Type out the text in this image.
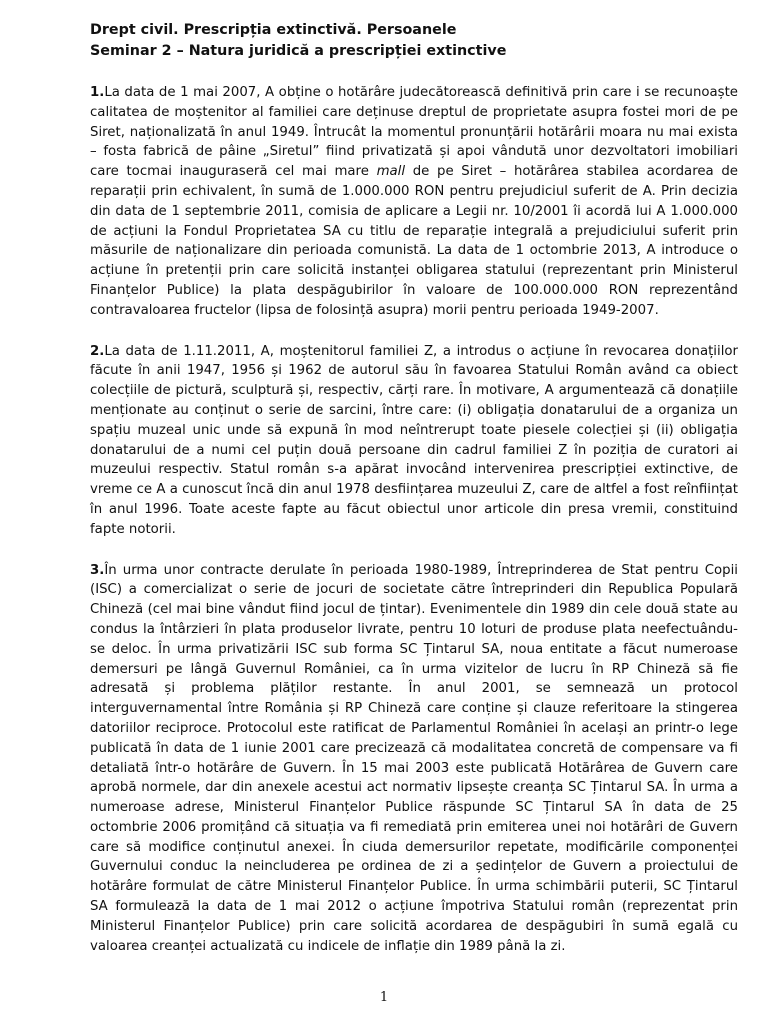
Drept civil. Prescripția extinctivă. Persoanele

Seminar 2 – Natura juridică a prescripției extinctive

1.La data de 1 mai 2007, A obține o hotărâre judecătorească definitivă prin care i se recunoaște calitatea de moștenitor al familiei care deținuse dreptul de proprietate asupra fostei mori de pe Siret, naționalizată în anul 1949. Întrucât la momentul pronunțării hotărârii moara nu mai exista – fosta fabrică de pâine „Siretul” fiind privatizată și apoi vândută unor dezvoltatori imobiliari care tocmai inauguraseră cel mai mare mall de pe Siret – hotărârea stabilea acordarea de reparații prin echivalent, în sumă de 1.000.000 RON pentru prejudiciul suferit de A. Prin decizia din data de 1 septembrie 2011, comisia de aplicare a Legii nr. 10/2001 îi acordă lui A 1.000.000 de acțiuni la Fondul Proprietatea SA cu titlu de reparație integrală a prejudiciului suferit prin măsurile de naționalizare din perioada comunistă. La data de 1 octombrie 2013, A introduce o acțiune în pretenții prin care solicită instanței obligarea statului (reprezentant prin Ministerul Finanțelor Publice) la plata despăgubirilor în valoare de 100.000.000 RON reprezentând contravaloarea fructelor (lipsa de folosință asupra) morii pentru perioada 1949-2007.

2.La data de 1.11.2011, A, moștenitorul familiei Z, a introdus o acțiune în revocarea donațiilor făcute în anii 1947, 1956 și 1962 de autorul său în favoarea Statului Român având ca obiect colecțiile de pictură, sculptură și, respectiv, cărți rare. În motivare, A argumentează că donațiile menționate au conținut o serie de sarcini, între care: (i) obligația donatarului de a organiza un spațiu muzeal unic unde să expună în mod neîntrerupt toate piesele colecției și (ii) obligația donatarului de a numi cel puțin două persoane din cadrul familiei Z în poziția de curatori ai muzeului respectiv. Statul român s-a apărat invocând intervenirea prescripției extinctive, de vreme ce A a cunoscut încă din anul 1978 desființarea muzeului Z, care de altfel a fost reînființat în anul 1996. Toate aceste fapte au făcut obiectul unor articole din presa vremii, constituind fapte notorii.

3.În urma unor contracte derulate în perioada 1980-1989, Întreprinderea de Stat pentru Copii (ISC) a comercializat o serie de jocuri de societate către întreprinderi din Republica Populară Chineză (cel mai bine vândut fiind jocul de țintar). Evenimentele din 1989 din cele două state au condus la întârzieri în plata produselor livrate, pentru 10 loturi de produse plata neefectuându-se deloc. În urma privatizării ISC sub forma SC Țintarul SA, noua entitate a făcut numeroase demersuri pe lângă Guvernul României, ca în urma vizitelor de lucru în RP Chineză să fie adresată și problema plăților restante. În anul 2001, se semnează un protocol interguvernamental între România și RP Chineză care conține și clauze referitoare la stingerea datoriilor reciproce. Protocolul este ratificat de Parlamentul României în același an printr-o lege publicată în data de 1 iunie 2001 care precizează că modalitatea concretă de compensare va fi detaliată într-o hotărâre de Guvern. În 15 mai 2003 este publicată Hotărârea de Guvern care aprobă normele, dar din anexele acestui act normativ lipsește creanța SC Țintarul SA. În urma a numeroase adrese, Ministerul Finanțelor Publice răspunde SC Țintarul SA în data de 25 octombrie 2006 promițând că situația va fi remediată prin emiterea unei noi hotărâri de Guvern care să modifice conținutul anexei. În ciuda demersurilor repetate, modificările componenței Guvernului conduc la neincluderea pe ordinea de zi a ședințelor de Guvern a proiectului de hotărâre formulat de către Ministerul Finanțelor Publice. În urma schimbării puterii, SC Țintarul SA formulează la data de 1 mai 2012 o acțiune împotriva Statului român (reprezentat prin Ministerul Finanțelor Publice) prin care solicită acordarea de despăgubiri în sumă egală cu valoarea creanței actualizată cu indicele de inflație din 1989 până la zi.

1
